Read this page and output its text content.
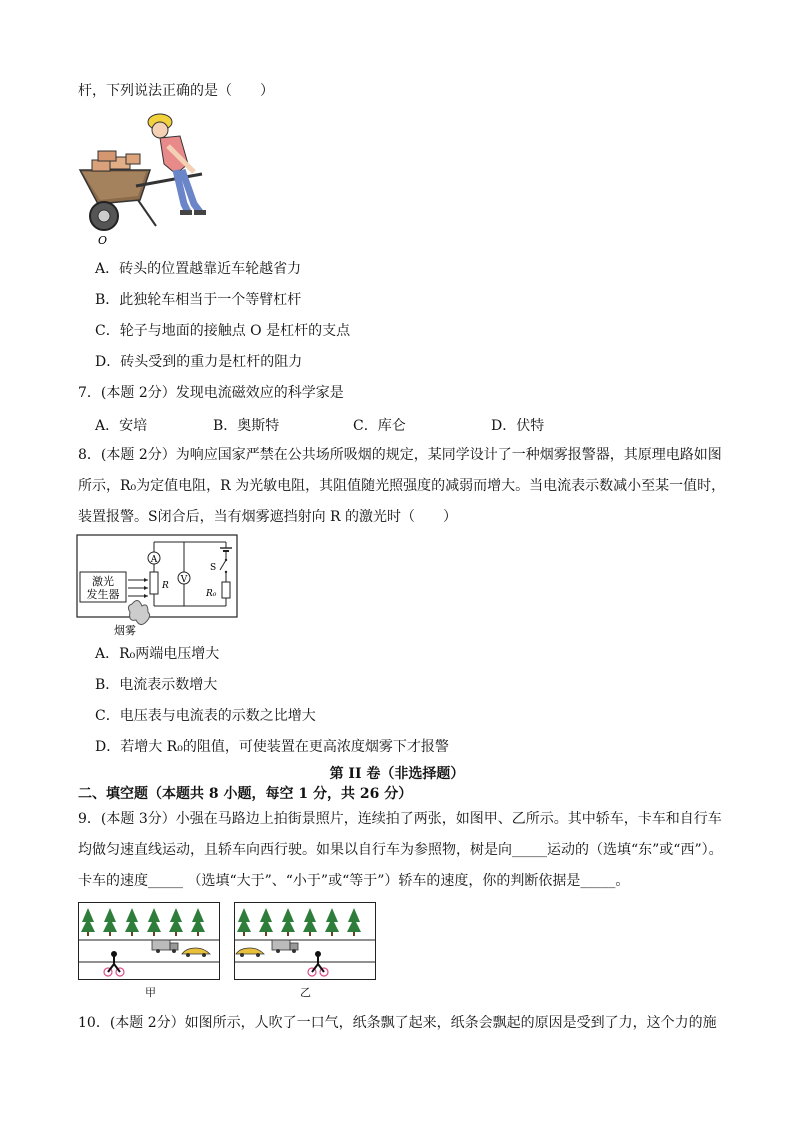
杆，下列说法正确的是（　　）
O
A．砖头的位置越靠近车轮越省力
B．此独轮车相当于一个等臂杠杆
C．轮子与地面的接触点 O 是杠杆的支点
D．砖头受到的重力是杠杆的阻力
7．(本题 2分）发现电流磁效应的科学家是
A．安培	B．奥斯特	C．库仑	D．伏特
8．(本题 2分）为响应国家严禁在公共场所吸烟的规定，某同学设计了一种烟雾报警器，其原理电路如图
所示，R₀为定值电阻，R 为光敏电阻，其阻值随光照强度的减弱而增大。当电流表示数减小至某一值时，
装置报警。S闭合后，当有烟雾遮挡射向 R 的激光时（　　）
激光
发生器
A
R
V
S
R₀
烟雾
A．R₀两端电压增大
B．电流表示数增大
C．电压表与电流表的示数之比增大
D．若增大 R₀的阻值，可使装置在更高浓度烟雾下才报警
第 II 卷（非选择题）
二、填空题（本题共 8 小题，每空 1 分，共 26 分）
9．(本题 3分）小强在马路边上拍街景照片，连续拍了两张，如图甲、乙所示。其中轿车，卡车和自行车
均做匀速直线运动，且轿车向西行驶。如果以自行车为参照物，树是向_____运动的（选填“东”或“西”）。
卡车的速度_____ （选填“大于”、“小于”或“等于”）轿车的速度，你的判断依据是_____。
甲	乙
10．(本题 2分）如图所示，人吹了一口气，纸条飘了起来，纸条会飘起的原因是受到了力，这个力的施
